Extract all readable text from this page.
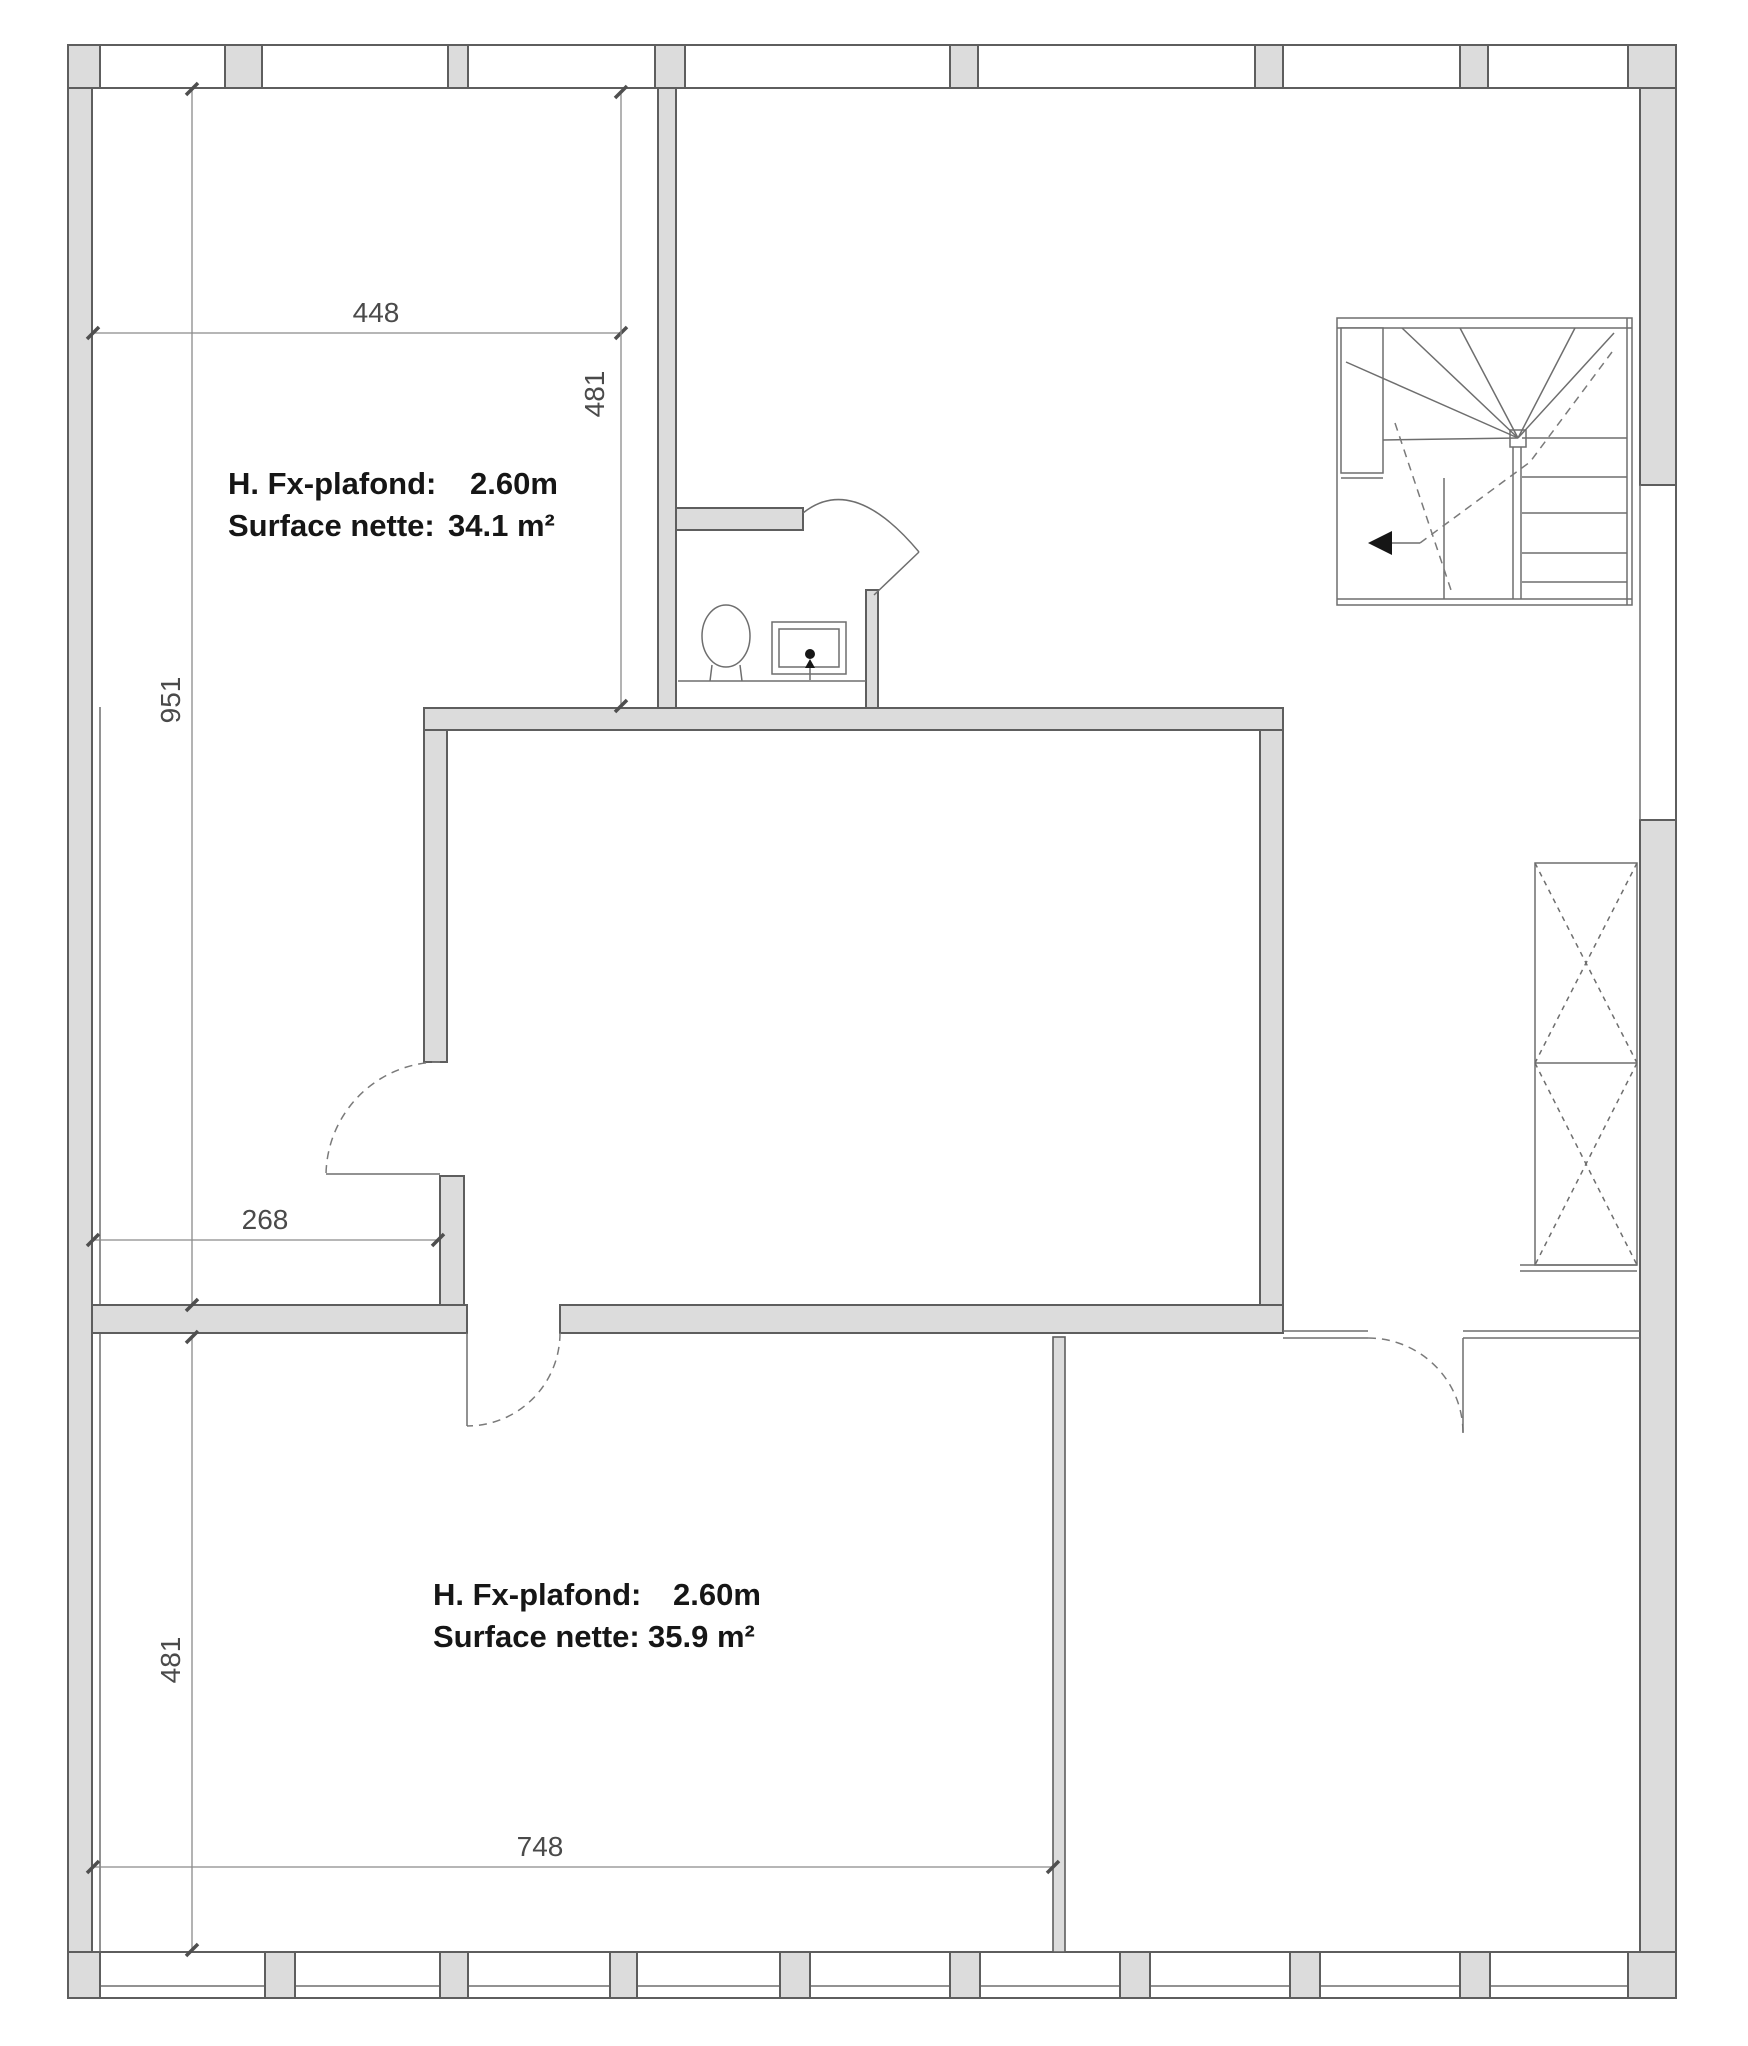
448
481
951
268
481
748
H. Fx-plafond: 2.60m
Surface nette: 34.1 m²
H. Fx-plafond: 2.60m
Surface nette: 35.9 m²
